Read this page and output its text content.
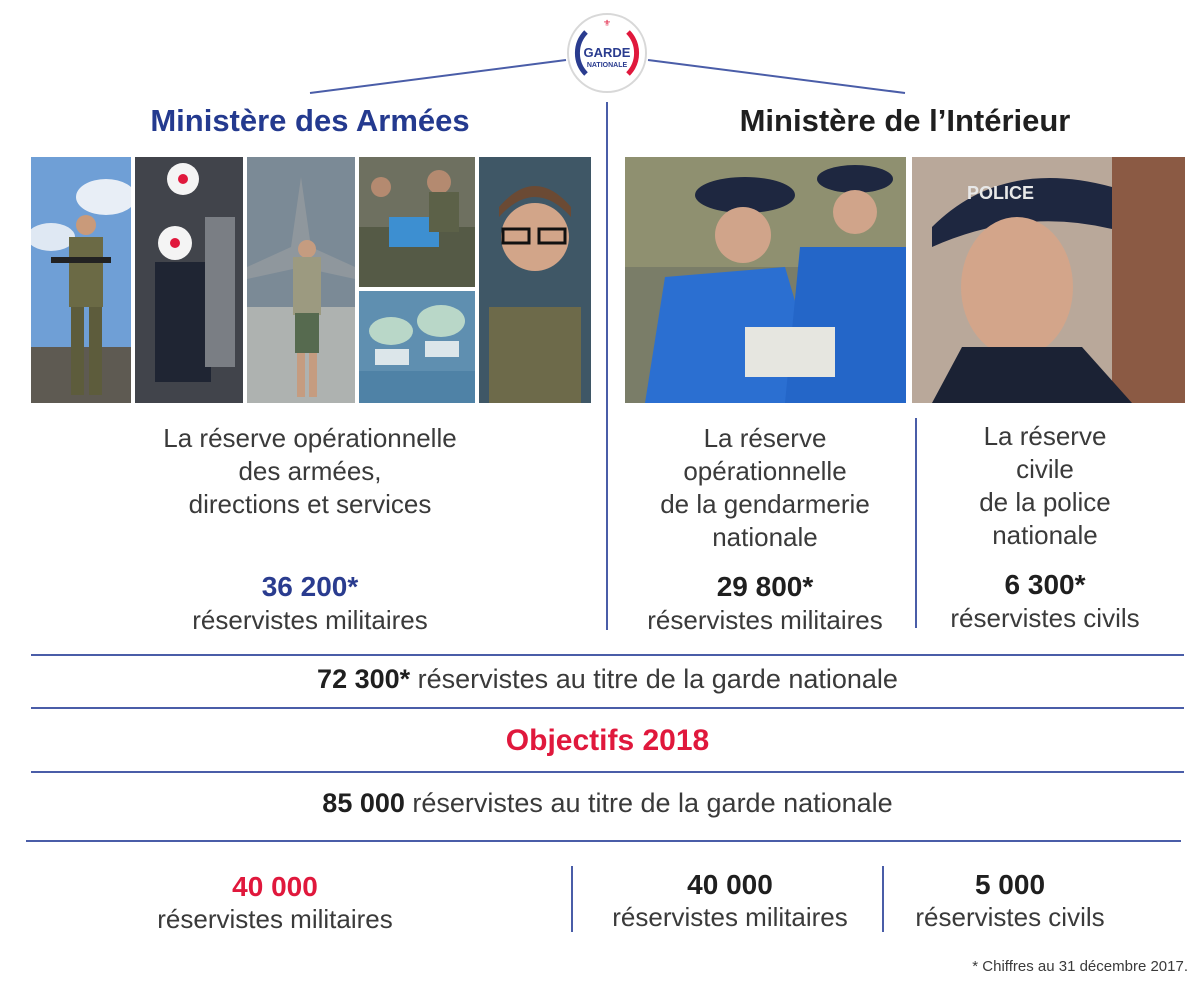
⚜
GARDE
NATIONALE
Ministère des Armées	Ministère de l’Intérieur
POLICE
La réserve opérationnelle
des armées,
directions et services
36 200*
réservistes militaires
La réserve
opérationnelle
de la gendarmerie
nationale
29 800*
réservistes militaires
La réserve
civile
de la police
nationale
6 300*
réservistes civils
72 300* réservistes au titre de la garde nationale
Objectifs 2018
85 000 réservistes au titre de la garde nationale
40 000
réservistes militaires
40 000
réservistes militaires
5 000
réservistes civils
* Chiffres au 31 décembre 2017.
